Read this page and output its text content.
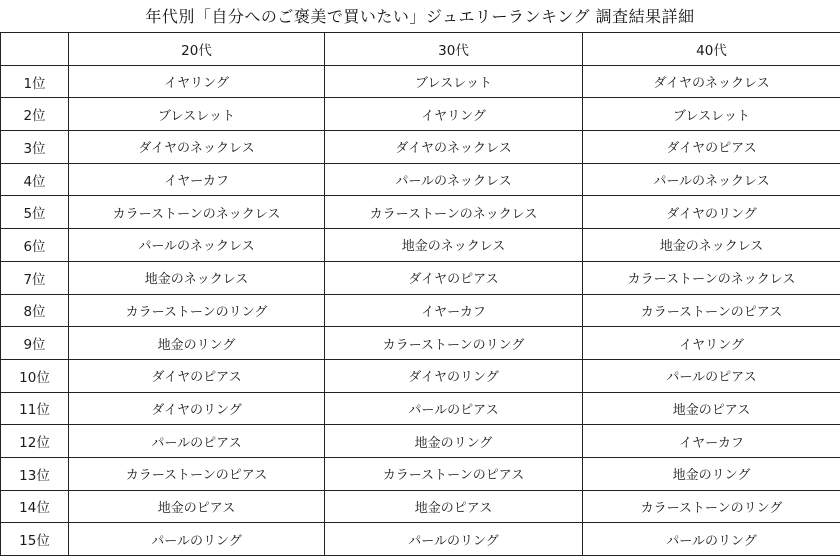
年代別「自分へのご褒美で買いたい」ジュエリーランキング 調査結果詳細
	20代	30代	40代
1位	イヤリング	ブレスレット	ダイヤのネックレス
2位	ブレスレット	イヤリング	ブレスレット
3位	ダイヤのネックレス	ダイヤのネックレス	ダイヤのピアス
4位	イヤーカフ	パールのネックレス	パールのネックレス
5位	カラーストーンのネックレス	カラーストーンのネックレス	ダイヤのリング
6位	パールのネックレス	地金のネックレス	地金のネックレス
7位	地金のネックレス	ダイヤのピアス	カラーストーンのネックレス
8位	カラーストーンのリング	イヤーカフ	カラーストーンのピアス
9位	地金のリング	カラーストーンのリング	イヤリング
10位	ダイヤのピアス	ダイヤのリング	パールのピアス
11位	ダイヤのリング	パールのピアス	地金のピアス
12位	パールのピアス	地金のリング	イヤーカフ
13位	カラーストーンのピアス	カラーストーンのピアス	地金のリング
14位	地金のピアス	地金のピアス	カラーストーンのリング
15位	パールのリング	パールのリング	パールのリング
